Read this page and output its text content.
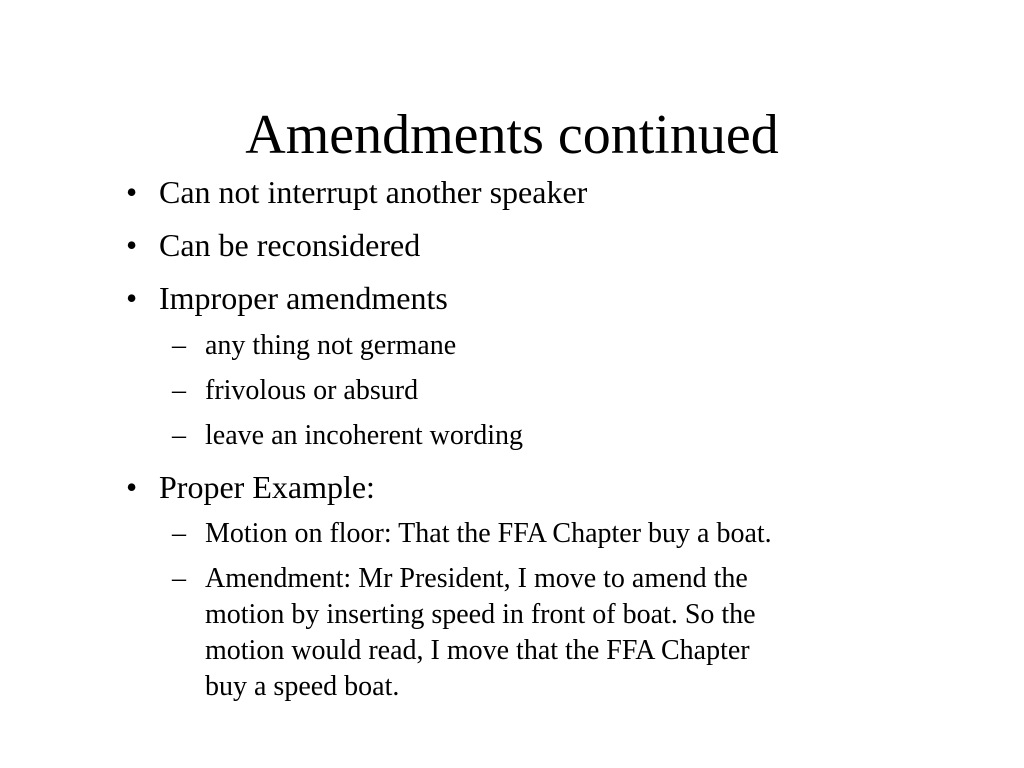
Amendments continued
• Can not interrupt another speaker
• Can be reconsidered
• Improper amendments
– any thing not germane
– frivolous or absurd
– leave an incoherent wording
• Proper Example:
– Motion on floor: That the FFA Chapter buy a boat.
– Amendment: Mr President, I move to amend the
motion by inserting speed in front of boat. So the
motion would read, I move that the FFA Chapter
buy a speed boat.
